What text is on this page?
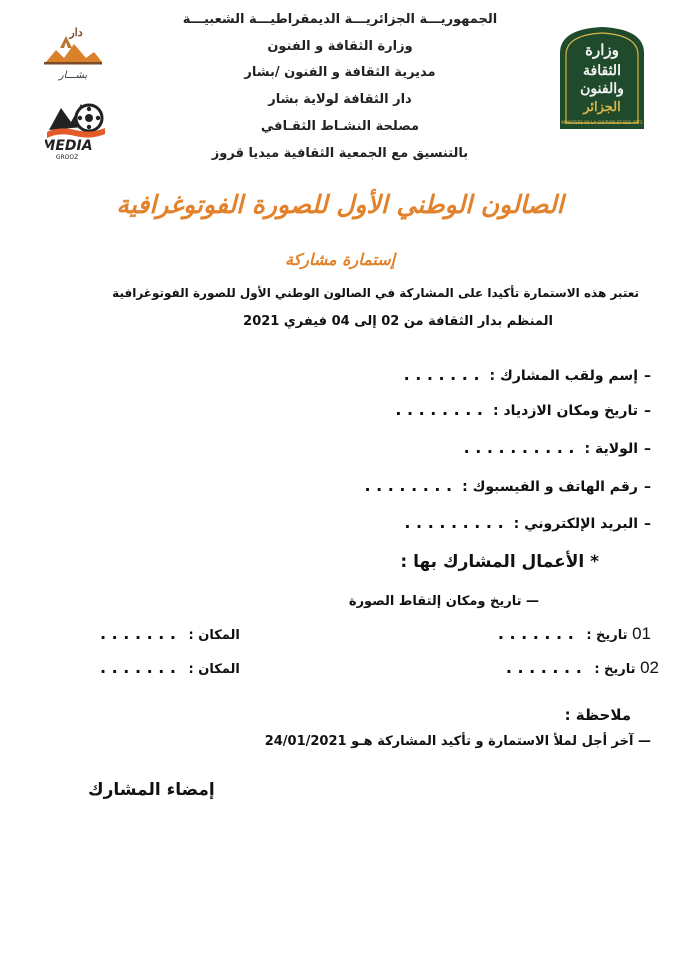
وزارة
الثقافة
والفنون
الجزائر
MINISTERE DE LA CULTURE ET DES ARTS
دار
بشـــار
MEDIA
GROOZ
الجمهوريـــة الجزائريـــة الديمقراطيـــة الشعبيـــة
وزارة الثقافة و الفنون
مديرية الثقافة و الفنون /بشار
دار الثقافة لولاية بشار
مصلحة النشـاط الثقـافي
بالتنسيق مع الجمعية الثقافية ميديا قروز
الصالون الوطني الأول للصورة الفوتوغرافية
إستمارة مشاركة
تعتبر هذه الاستمارة تأكيدا على المشاركة في الصالون الوطني الأول للصورة الفوتوغرافية
المنظم بدار الثقافة من 02 إلى 04 فيفري 2021
–إسم ولقب المشارك :. . . . . . .
–تاريخ ومكان الازدياد :. . . . . . . .
–الولاية :. . . . . . . . . .
–رقم الهاتف و الفيسبوك :. . . . . . . .
–البريد الإلكتروني :. . . . . . . . .
* الأعمال المشارك بها :
— تاريخ ومكان إلتقاط الصورة
01 تاريخ : . . . . . . .
المكان : . . . . . . .
02 تاريخ : . . . . . . .
المكان : . . . . . . .
ملاحظة :
— آخر أجل لملأ الاستمارة و تأكيد المشاركة هـو 24/01/2021
إمضاء المشارك
